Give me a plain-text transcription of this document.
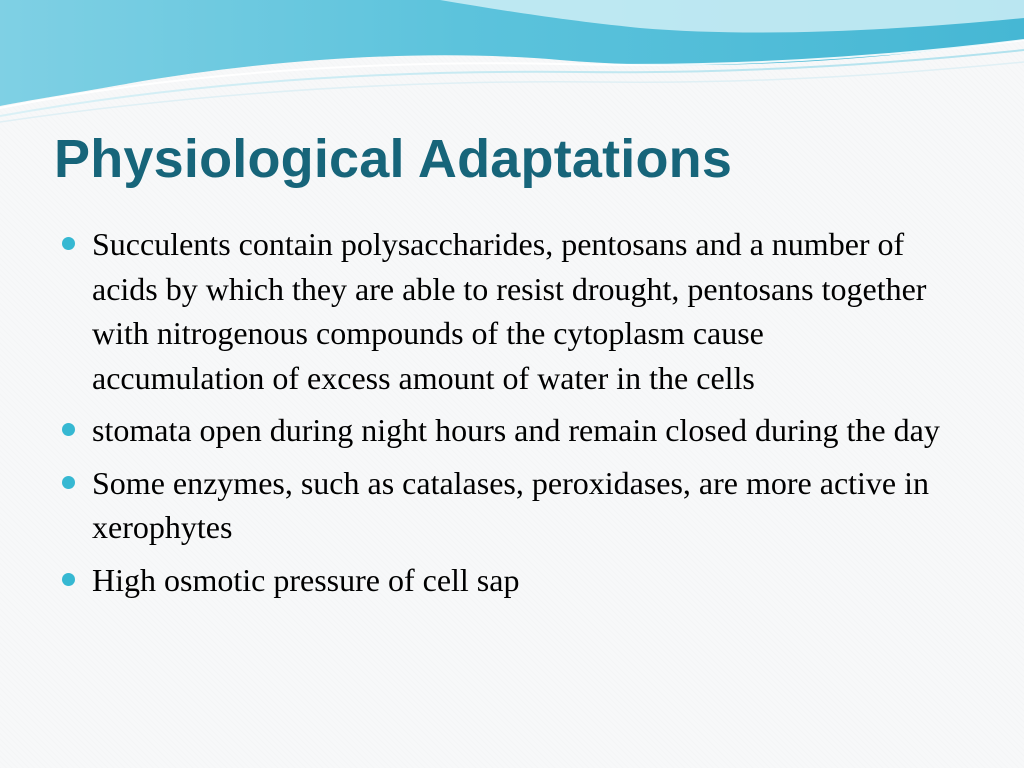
Physiological Adaptations
Succulents contain polysaccharides, pentosans and a number of acids by which they are able to resist drought, pentosans together with nitrogenous compounds of the cytoplasm cause accumulation of excess amount of water in the cells
stomata open during night hours and remain closed during the day
Some enzymes, such as catalases, peroxidases, are more active in xerophytes
High osmotic pressure of cell sap
